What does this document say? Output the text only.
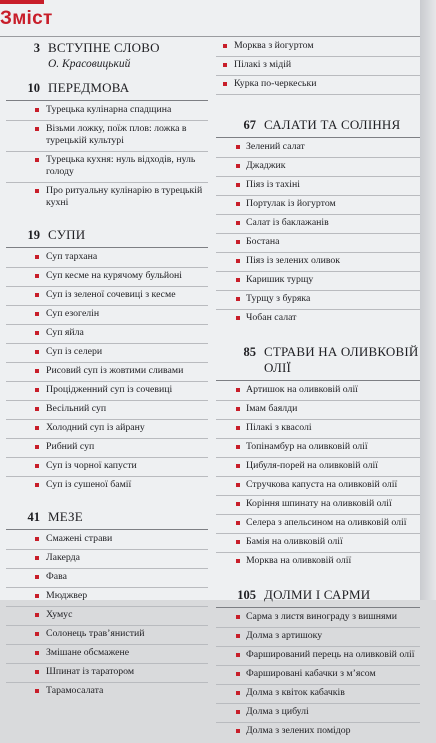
Зміст
3 ВСТУПНЕ СЛОВО
О. Красовицький
10 ПЕРЕДМОВА
Турецька кулінарна спадщина
Візьми ложку, поїж плов: ложка в турецькій культурі
Турецька кухня: нуль відходів, нуль голоду
Про ритуальну кулінарію в турецькій кухні
19 СУПИ
Суп тархана
Суп кесме на курячому бульйоні
Суп із зеленої сочевиці з кесме
Суп езогелін
Суп яйла
Суп із селери
Рисовий суп із жовтими сливами
Процідженний суп із сочевиці
Весільний суп
Холодний суп із айрану
Рибний суп
Суп із чорної капусти
Суп із сушеної бамії
41 МЕЗЕ
Смажені страви
Лакерда
Фава
Мюджвер
Хумус
Солонець трав’янистий
Змішане обсмажене
Шпинат із таратором
Тарамосалата
Морква з йогуртом
Пілакі з мідій
Курка по-черкеськи
67 САЛАТИ ТА СОЛІННЯ
Зелений салат
Джаджик
Піяз із тахіні
Портулак із йогуртом
Салат із баклажанів
Бостана
Піяз із зелених оливок
Каришик турщу
Турщу з буряка
Чобан салат
85 СТРАВИ НА ОЛИВКОВІЙ ОЛІЇ
Артишок на оливковій олії
Імам баялди
Пілакі з квасолі
Топінамбур на оливковій олії
Цибуля-порей на оливковій олії
Стручкова капуста на оливковій олії
Коріння шпинату на оливковій олії
Селера з апельсином на оливковій олії
Бамія на оливковій олії
Морква на оливковій олії
105 ДОЛМИ І САРМИ
Сарма з листя винограду з вишнями
Долма з артишоку
Фарширований перець на оливковій олії
Фаршировані кабачки з м’ясом
Долма з квіток кабачків
Долма з цибулі
Долма з зелених помідор
